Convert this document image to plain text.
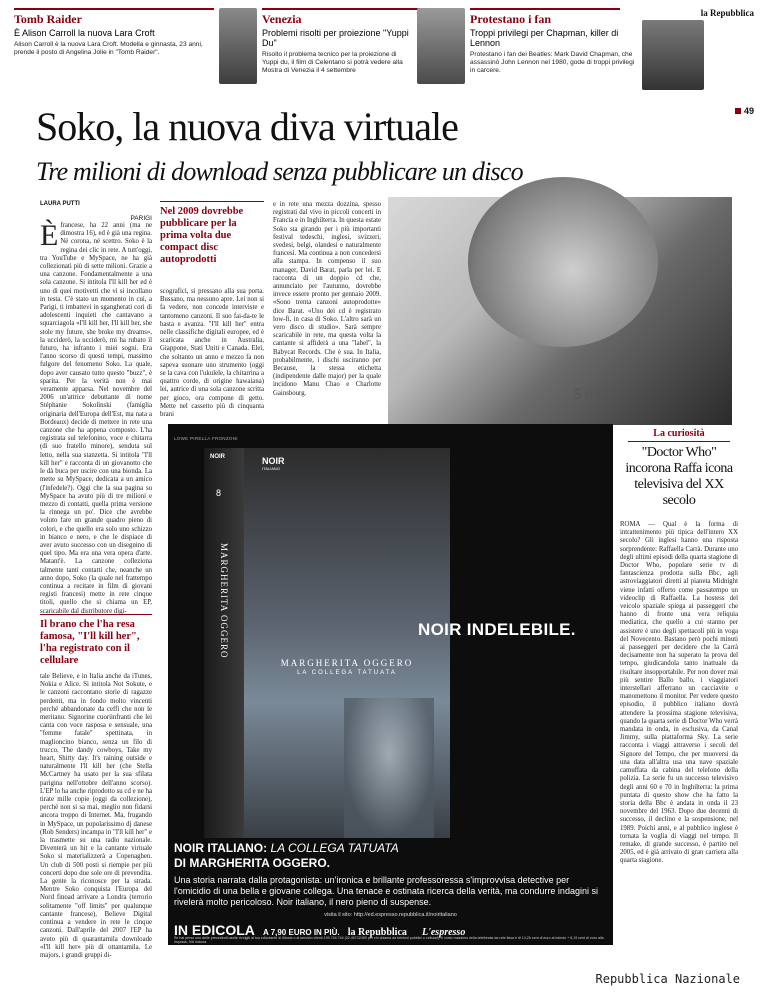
Tomb Raider

È Alison Carroll la nuova Lara Croft

Alison Carroll è la nuova Lara Croft. Modella e ginnasta, 23 anni, prende il posto di Angelina Jolie in "Tomb Raider".

Venezia

Problemi risolti per proiezione "Yuppi Du"

Risolto il problema tecnico per la proiezione di Yuppi du, il film di Celentano si potrà vedere alla Mostra di Venezia il 4 settembre

Protestano i fan

Troppi privilegi per Chapman, killer di Lennon

Protestano i fan dei Beatles: Mark David Chapman, che assassinò John Lennon nel 1980, gode di troppi privilegi in carcere.
la Repubblica
49
Soko, la nuova diva virtuale
Tre milioni di download senza pubblicare un disco
LAURA PUTTI
PARIGI
Èfrancese, ha 22 anni (ma ne dimostra 16), ed è già una regina. Né corona, né scettro. Soko è la regina dei clic in rete. A tutt'oggi, tra YouTube e MySpace, ne ha già collezionati più di sette milioni. Grazie a una canzone. Fondamentalmente a una sola canzone. Si intitola I'll kill her ed è uno di quei motivetti che vi si incollano in testa. C'è stato un momento in cui, a Parigi, ti imbattevi in sgangherati cori di adolescenti inquieti che cantavano a squarciagola «I'll kill her, I'll kill her, she stole my future, she broke my dreams», la ucciderò, la ucciderò, mi ha rubato il futuro, ha infranto i miei sogni. Era l'anno scorso di questi tempi, massimo fulgore del fenomeno Soko. La quale, dopo aver causato tutto questo "buzz", è sparita. Per la verità non è mai veramente apparsa. Nel novembre del 2006 un'attrice debuttante di nome Stéphanie Sokolinski (famiglia originaria dell'Europa dell'Est, ma nata a Bordeaux) decide di mettere in rete una canzone che ha appena composto. L'ha registrata sul telefonino, voce e chitarra (di suo fratello minore), senduta sul letto, nella sua stanzetta. Si intitola "I'll kill her" e racconta di un giovanotto che le dà buca per uscire con una bionda. La mette su MySpace, dedicata a un amico (l'infedele?). Oggi che la sua pagina su MySpace ha avuto più di tre milioni e mezzo di contatti, quella prima versione la rinnega un po'. Dice che avrebbe voluto fare un grande quadro pieno di colori, e che quello era solo uno schizzo in bianco e nero, e che le dispiace di aver avuto successo con un disegnino di quel tipo. Ma era una vera opera d'arte. Matant'è. La canzone colleziona talmente tanti contatti che, neanche un anno dopo, Soko (la quale nel frattempo continua a recitare in film di giovani registi francesi) mette in rete cinque titoli, quello che si chiama un EP, scaricabile dal distributore digi-
Il brano che l'ha resa famosa, "I'll kill her", l'ha registrato con il cellulare
tale Believe, e in Italia anche da iTunes, Nokia e Alice. Si intitola Not Sokute, e le canzoni raccontano storie di ragazze perdenti, ma in fondo molto vincenti perché abbandonate da ceffi che non le meritano. Signorine cuoriinfranti che lei canta con voce rasposa e sensuale, una "femme fatale" spettinata, in maglioncino bianco, senza un filo di trucco. The dandy cowboys, Take my heart, Shitty day. It's raining outside e naturalmente I'll kill her (che Stella McCartney ha usato per la sua sfilata parigina nell'ottobre dell'anno scorso). L'EP lo ha anche riprodotto su cd e ne ha tirate mille copie (oggi da collezione), perché non si sa mai, meglio non fidarsi ancora troppo di Internet. Ma, frugando in MySpace, un popolarissimo dj danese (Rob Senders) incampa in "I'll kill her" e la trasmette su una radio nazionale. Diventerà un hit e la cantante virtuale Soko si materializzerà a Copenaghen. Un club di 500 posti si riempie per più concerti dopo due sole ore di prevendita. La gente la riconosce per la strada. Mentre Soko conquista l'Europa del Nord finoad arrivare a Londra (terrorio solitamente "off limits" per qualunque cantante francese), Believe Digital continua a vendere in rete le cinque canzoni. Dall'aprile del 2007 l'EP ha avuto più di quarantamila downloade «I'll kill her» più di ottantamila. Le majors, i grandi gruppi di-
Nel 2009 dovrebbe pubblicare per la prima volta due compact disc autoprodotti
scografici, si pressano alla sua porta. Bussano, ma nessuno apre. Lei non si fa vedere, non concede interviste e tantomeno canzoni. Il suo fai-da-te le basta e avanza. "I'll kill her" entra nelle classifiche digitali europee, ed è scaricata anche in Australia, Giappone, Stati Uniti e Canada. Eleì, che soltanto un anno e mezzo fa non sapeva suonare uno strumento (oggi se la cava con l'ukulele, la chitarrina a quattro corde, di origine hawaiana) lei, autrice di una sola canzone scritta per gioco, ora compone di getto. Mette nel cassetto più di cinquanta brani
e in rete una mezza dozzina, spesso registrati dal vivo in piccoli concerti in Francia e in Inghilterra. In questa estate Soko sta girando per i più importanti festival tedeschi, inglesi, svizzeri, svedesi, belgi, olandesi e naturalmente francesi. Ma continua a non concedersi alla stampa. In compenso il suo manager, David Barat, parla per lei. E racconta di un doppio cd che, annunciato per l'autunno, dovrebbe invece essere pronto per gennaio 2009. «Sono trenta canzoni autoprodotte» dice Barat. «Uno dei cd è registrato low-fi, in casa di Soko. L'altro sarà un vero disco di studio». Sarà sempre scaricabile in rete, ma questa volta la cantante si affiderà a una "label", la Babycat Records. Che è sua. In Italia, probabilmente, i dischi usciranno per Because, la stessa etichetta (indipendente dalle major) per la quale incidono Manu Chao e Charlotte Gainsbourg.	Soko
La curiosità
"Doctor Who" incorona Raffa icona televisiva del XX secolo
ROMA — Qual è la forma di intrattenimento più tipica dell'intero XX secolo? Gli inglesi hanno una risposta sorprendente: Raffaella Carrà. Durante uno degli ultimi episodi della quarta stagione di Doctor Who, popolare serie tv di fantascienza prodotta sulla Bbc, agli astroviaggiatori diretti al pianeta Midnight viene infatti offerto come passatempo un videoclip di Raffaella. La hostess del veicolo spaziale spiega ai passeggeri che hanno di fronte una vera reliquia mediatica, che quello a cui stanno per assistere è uno degli spettacoli più in voga del Novecento. Bastano però pochi minuti ai passeggeri per decidere che la Carrà decisamente non ha superato la prova del tempo, giudicandola tanto inattuale da risultare insopportabile. Per non dover mai più sentire Ballo ballo, i viaggiatori interstellari afferrano un cacciavite e manomettono il monitor. Per vedere questo episodio, il pubblico italiano dovrà attendere la prossima stagione televisiva, quando la quarta serie di Doctor Who verrà mandata in onda, in esclusiva, da Canal Jimmy, sulla piattaforma Sky. La serie racconta i viaggi attraverso i secoli del Signore del Tempo, che per muoversi da una data all'altra usa una nave spaziale camuffata da cabina del telefono della polizia. La serie fu un successo televisivo degli anni 60 e 70 in Inghilterra: la prima puntata di questo show che ha fatto la storia della Bbc è andata in onda il 23 novembre del 1963. Dopo due decenni di successo, il declino e la sospensione, nel 1989. Poichi anni, e al pubblico inglese è tornata la voglia di viaggi nel tempo. Il remake, di grande successo, è partito nel 2005, ed è già arrivato di gran carriera alla quarta stagione.
LOWE PIRELLA FRONZONI
NOIR
8
MARGHERITA OGGERO
NOIR
ITALIANO
MARGHERITA OGGERO
LA COLLEGA TATUATA
NOIR INDELEBILE.
NOIR ITALIANO: LA COLLEGA TATUATA
DI MARGHERITA OGGERO.
Una storia narrata dalla protagonista: un'ironica e brillante professoressa s'improvvisa detective per l'omicidio di una bella e giovane collega. Una tenace e ostinata ricerca della verità, ma condurre indagini si rivelerà molto pericoloso. Noir italiano, il nero pieno di suspense.
visita il sito: http://ed.espresso.repubblica.it/noiritaliano
IN EDICOLA A 7,90 EURO IN PIÙ. la Repubblica L'espresso
Se hai perso uno delle precedenti uscite rivolgiti al tuo edicolante di fiducia o al servizio clienti 199.744.744 (02.40732459 per chi chiama da telefoni pubblici o cellulari). Il costo massimo della telefonata da rete fissa è di 14,26 cent di euro al minuto + 6,19 cent di euro alla risposta, IVA inclusa.
Repubblica Nazionale
